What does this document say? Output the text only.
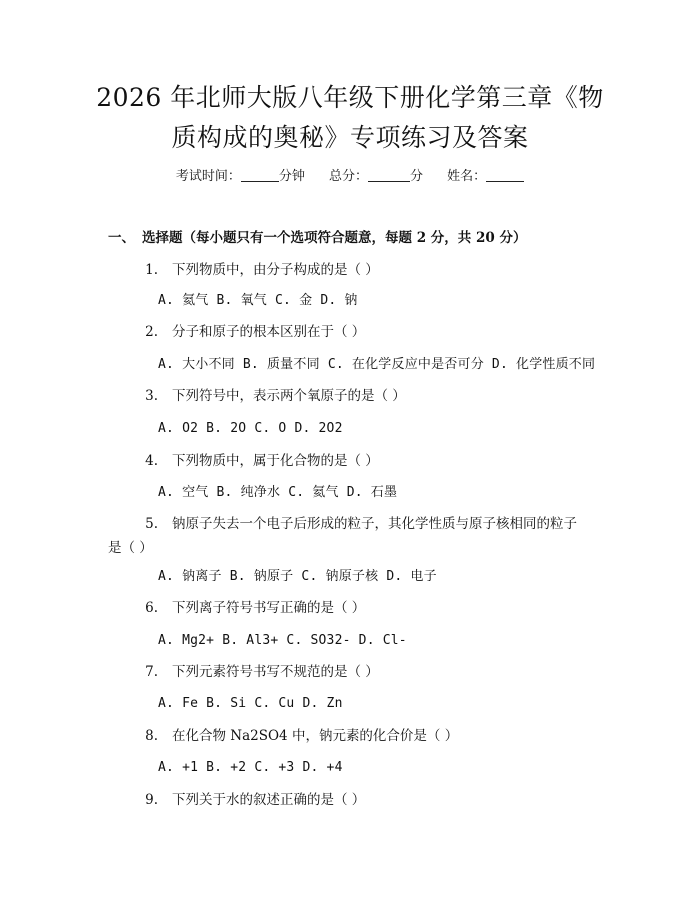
2026 年北师大版八年级下册化学第三章《物
质构成的奥秘》专项练习及答案
考试时间：	分钟 总分：	分 姓名：
一、 选择题（每小题只有一个选项符合题意，每题 2 分，共 20 分）
1. 下列物质中，由分子构成的是（ ）
A. 氦气 B. 氧气 C. 金 D. 钠
2. 分子和原子的根本区别在于（ ）
A. 大小不同 B. 质量不同 C. 在化学反应中是否可分 D. 化学性质不同
3. 下列符号中，表示两个氧原子的是（ ）
A. O2 B. 2O C. O D. 2O2
4. 下列物质中，属于化合物的是（ ）
A. 空气 B. 纯净水 C. 氦气 D. 石墨
5. 钠原子失去一个电子后形成的粒子，其化学性质与原子核相同的粒子是（ ）
A. 钠离子 B. 钠原子 C. 钠原子核 D. 电子
6. 下列离子符号书写正确的是（ ）
A. Mg2+ B. Al3+ C. SO32- D. Cl-
7. 下列元素符号书写不规范的是（ ）
A. Fe B. Si C. Cu D. Zn
8. 在化合物 Na2SO4 中，钠元素的化合价是（ ）
A. +1 B. +2 C. +3 D. +4
9. 下列关于水的叙述正确的是（ ）
